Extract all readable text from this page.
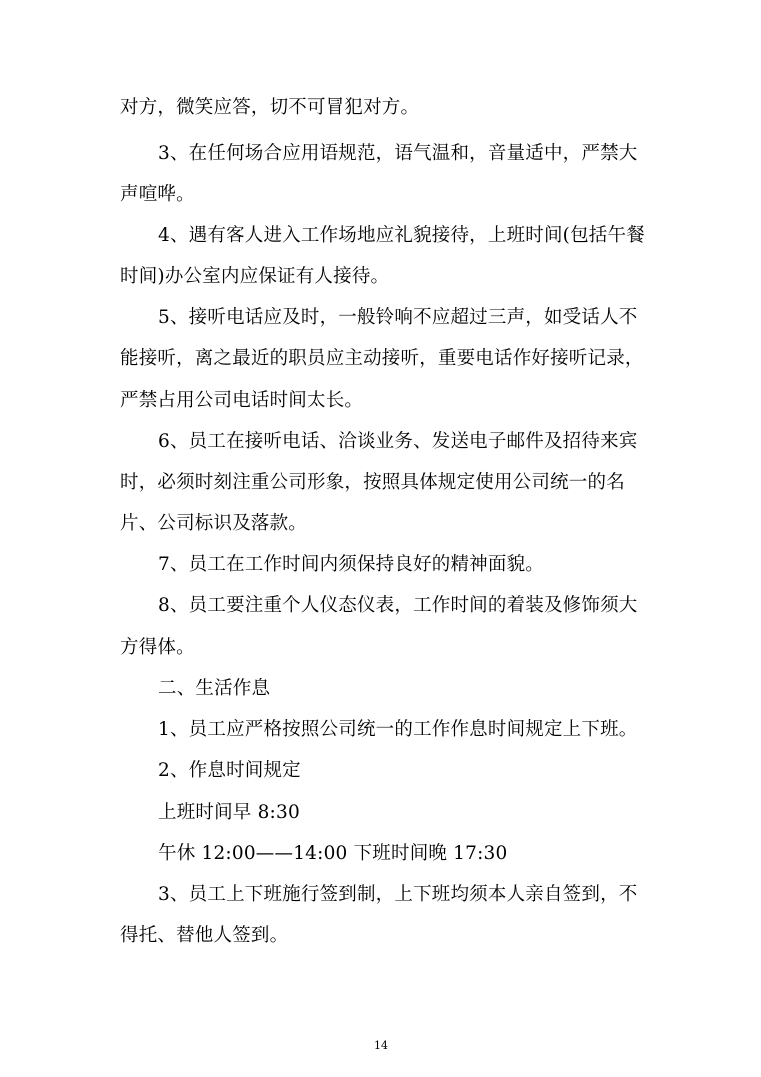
对方，微笑应答，切不可冒犯对方。
3、在任何场合应用语规范，语气温和，音量适中，严禁大
声喧哗。
4、遇有客人进入工作场地应礼貌接待，上班时间(包括午餐
时间)办公室内应保证有人接待。
5、接听电话应及时，一般铃响不应超过三声，如受话人不
能接听，离之最近的职员应主动接听，重要电话作好接听记录，
严禁占用公司电话时间太长。
6、员工在接听电话、洽谈业务、发送电子邮件及招待来宾
时，必须时刻注重公司形象，按照具体规定使用公司统一的名
片、公司标识及落款。
7、员工在工作时间内须保持良好的精神面貌。
8、员工要注重个人仪态仪表，工作时间的着装及修饰须大
方得体。
二、生活作息
1、员工应严格按照公司统一的工作作息时间规定上下班。
2、作息时间规定
上班时间早 8:30
午休 12:00——14:00 下班时间晚 17:30
3、员工上下班施行签到制，上下班均须本人亲自签到，不
得托、替他人签到。
14
